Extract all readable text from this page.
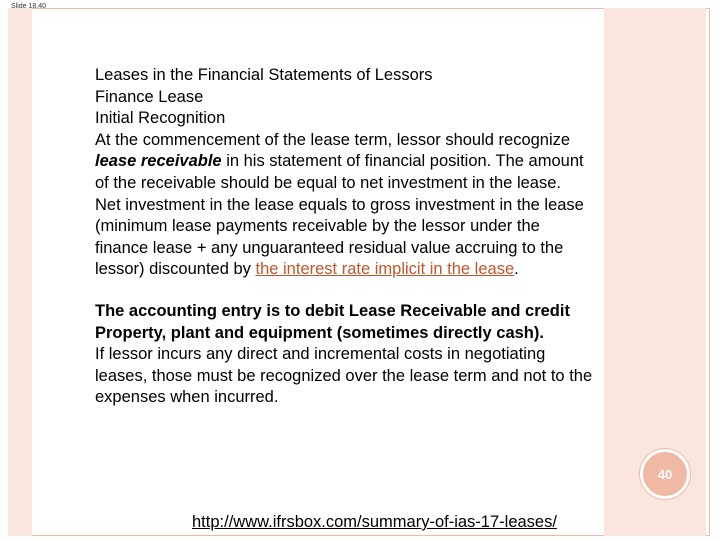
Slide 18.40

Leases in the Financial Statements of Lessors

Finance Lease

Initial Recognition

At the commencement of the lease term, lessor should recognize lease receivable in his statement of financial position. The amount of the receivable should be equal to net investment in the lease.

Net investment in the lease equals to gross investment in the lease (minimum lease payments receivable by the lessor under the finance lease + any unguaranteed residual value accruing to the lessor) discounted by the interest rate implicit in the lease.

The accounting entry is to debit Lease Receivable and credit Property, plant and equipment (sometimes directly cash).

If lessor incurs any direct and incremental costs in negotiating leases, those must be recognized over the lease term and not to the expenses when incurred.

http://www.ifrsbox.com/summary-of-ias-17-leases/
40
